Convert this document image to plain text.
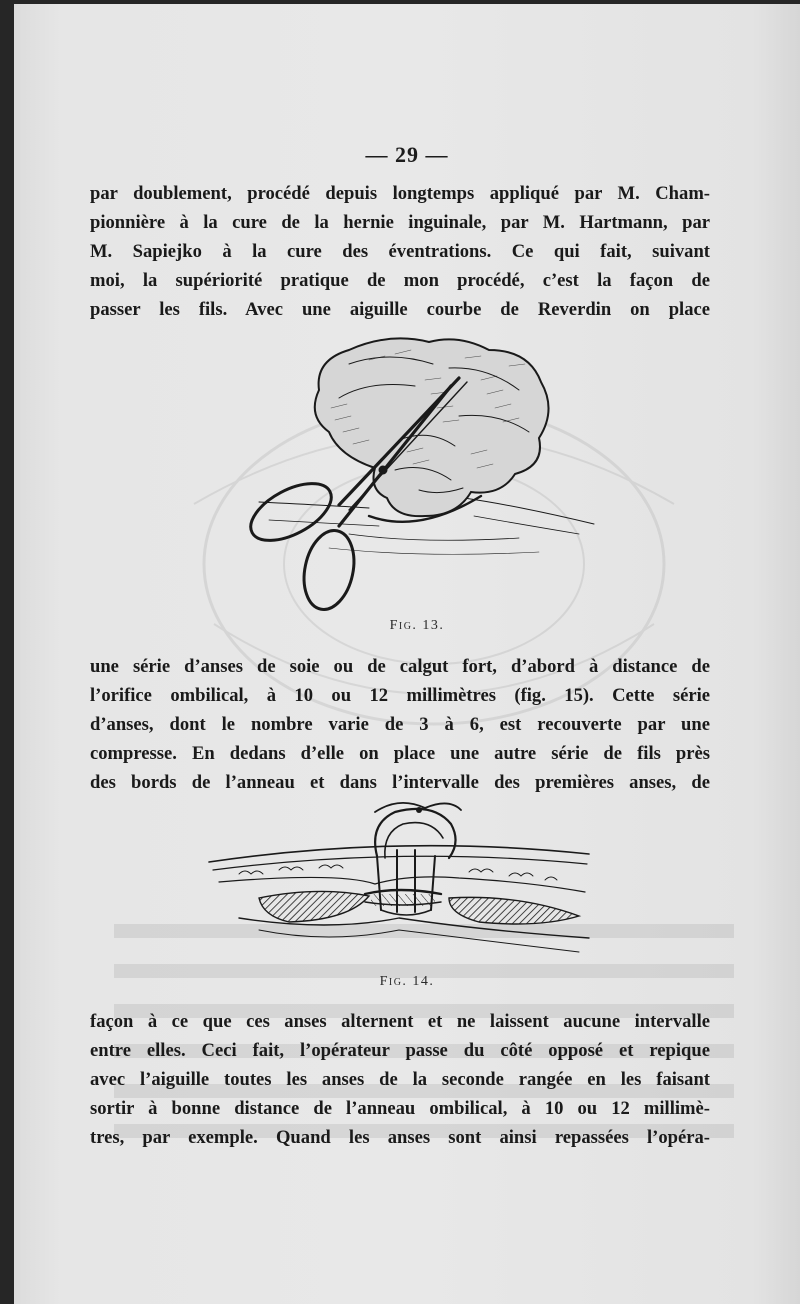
— 29 —

par doublement, procédé depuis longtemps appliqué par M. Cham-
pionnière à la cure de la hernie inguinale, par M. Hartmann, par
M. Sapiejko à la cure des éventrations. Ce qui fait, suivant
moi, la supériorité pratique de mon procédé, c’est la façon de
passer les fils. Avec une aiguille courbe de Reverdin on place

Fig. 13.

une série d’anses de soie ou de calgut fort, d’abord à distance de
l’orifice ombilical, à 10 ou 12 millimètres (fig. 15). Cette série
d’anses, dont le nombre varie de 3 à 6, est recouverte par une
compresse. En dedans d’elle on place une autre série de fils près
des bords de l’anneau et dans l’intervalle des premières anses, de

Fig. 14.

façon à ce que ces anses alternent et ne laissent aucune intervalle
entre elles. Ceci fait, l’opérateur passe du côté opposé et repique
avec l’aiguille toutes les anses de la seconde rangée en les faisant
sortir à bonne distance de l’anneau ombilical, à 10 ou 12 millimè-
tres, par exemple. Quand les anses sont ainsi repassées l’opéra-
